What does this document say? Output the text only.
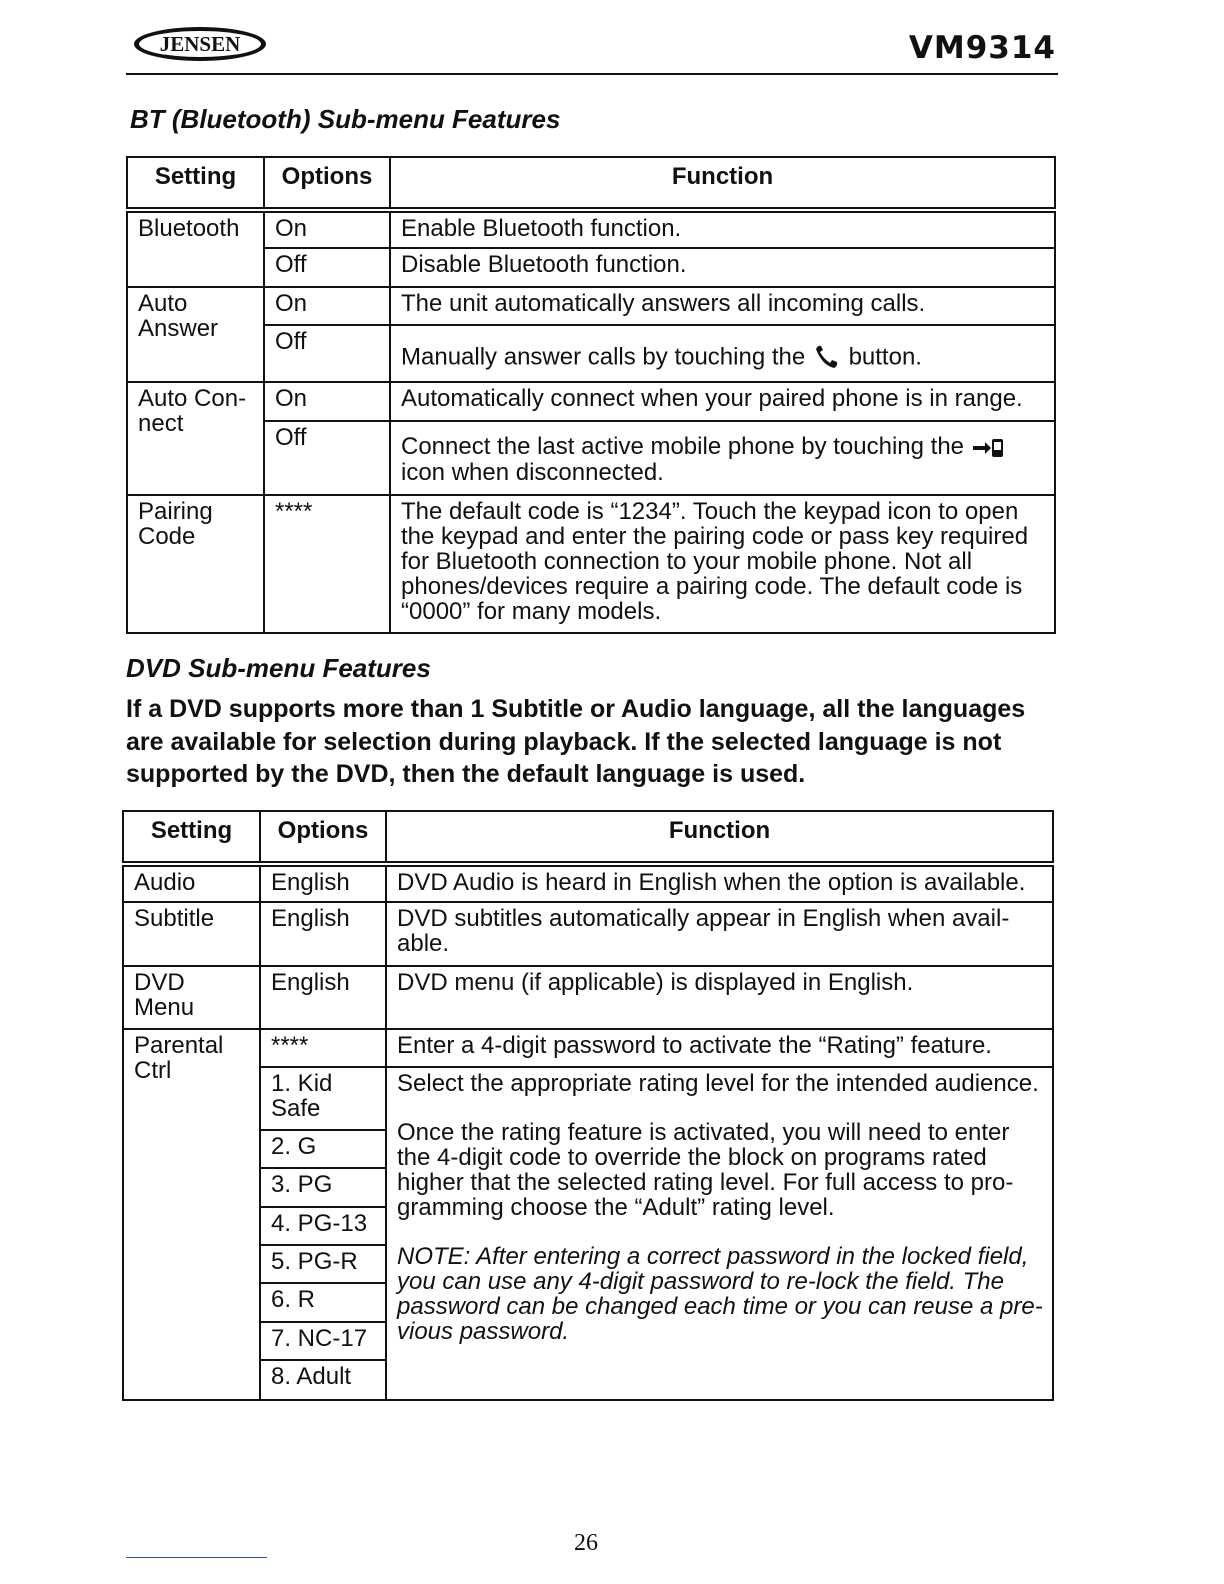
JENSEN	VM9314
BT (Bluetooth) Sub-menu Features
Setting	Options	Function
Bluetooth	On	Enable Bluetooth function.
	Off	Disable Bluetooth function.
Auto Answer	On	The unit automatically answers all incoming calls.
	Off	Manually answer calls by touching the button.
Auto Con-nect	On	Automatically connect when your paired phone is in range.
	Off	Connect the last active mobile phone by touching the  icon when disconnected.
Pairing Code	****	The default code is “1234”. Touch the keypad icon to open the keypad and enter the pairing code or pass key required for Bluetooth connection to your mobile phone. Not all phones/devices require a pairing code. The default code is “0000” for many models.
DVD Sub-menu Features
If a DVD supports more than 1 Subtitle or Audio language, all the languages are available for selection during playback. If the selected language is not supported by the DVD, then the default language is used.
Setting	Options	Function
Audio	English	DVD Audio is heard in English when the option is available.
Subtitle	English	DVD subtitles automatically appear in English when avail-able.
DVD Menu	English	DVD menu (if applicable) is displayed in English.
Parental Ctrl	****	Enter a 4-digit password to activate the “Rating” feature.
	1. Kid Safe	Select the appropriate rating level for the intended audience.
Once the rating feature is activated, you will need to enter the 4-digit code to override the block on programs rated higher that the selected rating level. For full access to pro-gramming choose the “Adult” rating level.
NOTE: After entering a correct password in the locked field, you can use any 4-digit password to re-lock the field. The password can be changed each time or you can reuse a pre-vious password.

	2. G	
	3. PG	
	4. PG-13	
	5. PG-R	
	6. R	
	7. NC-17	
	8. Adult	
26
